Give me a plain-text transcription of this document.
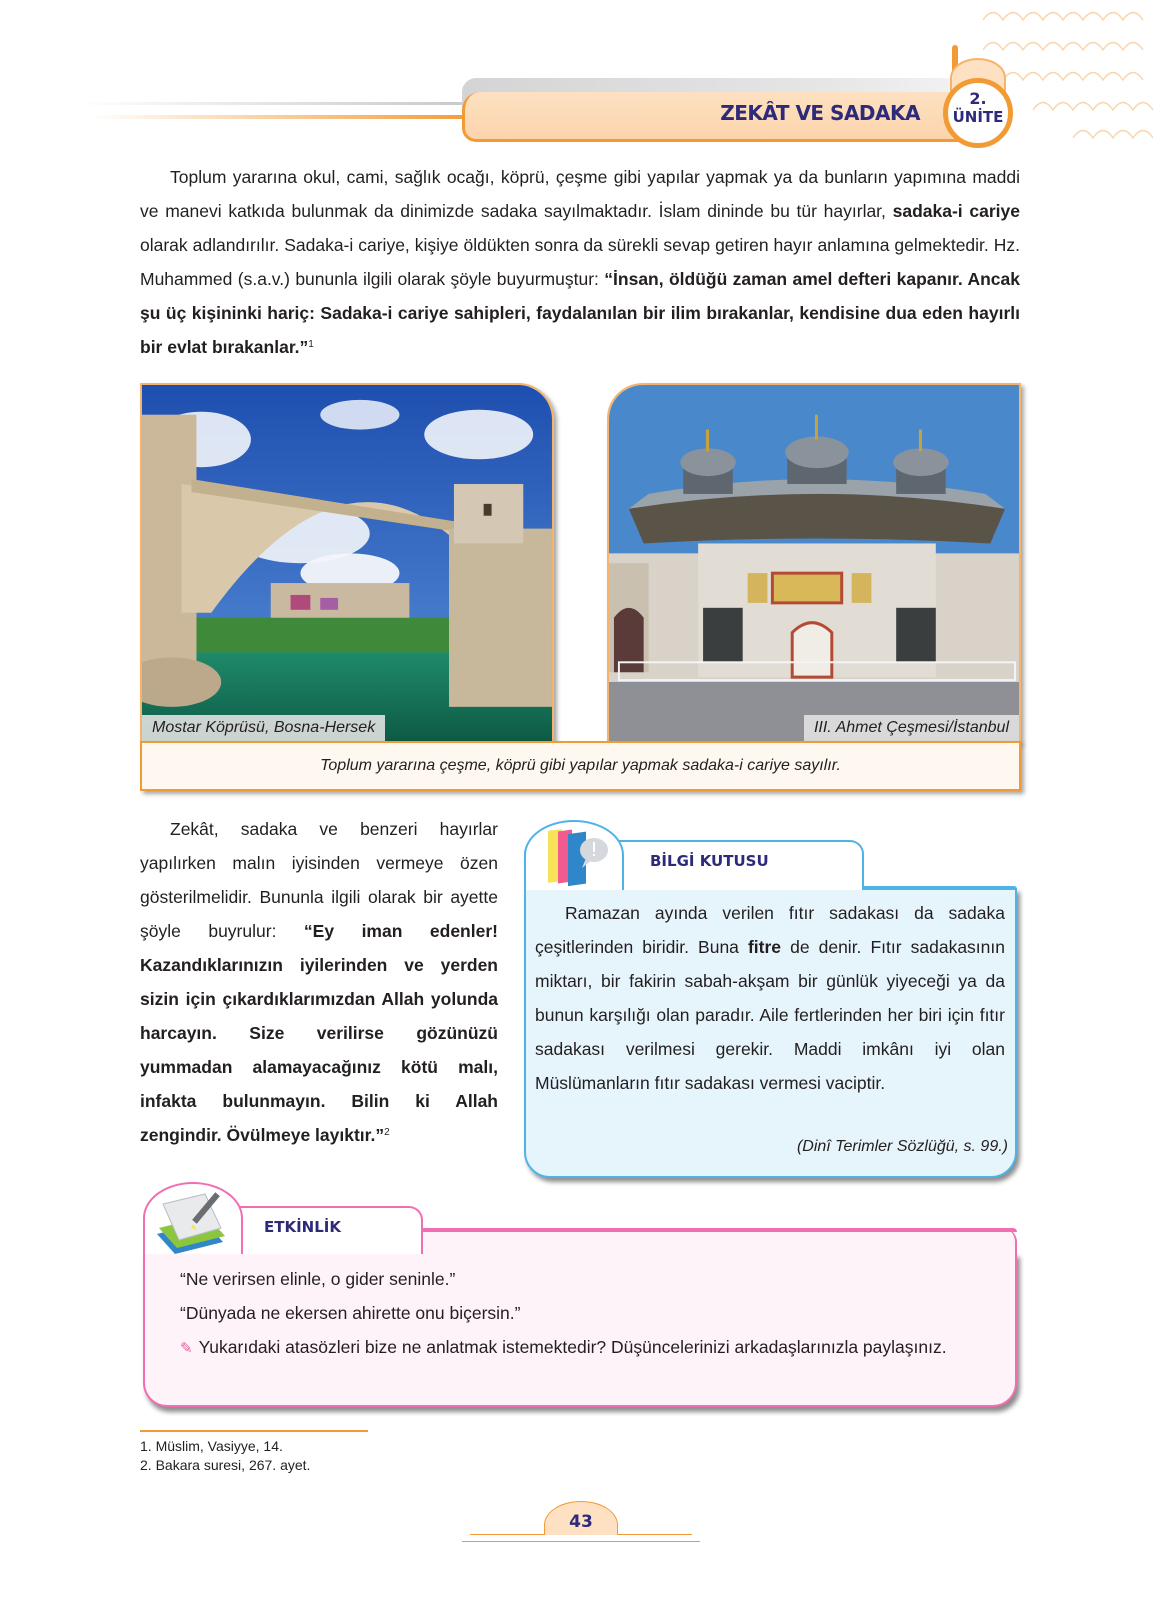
ZEKÂT VE SADAKA
2.
ÜNİTE

Toplum yararına okul, cami, sağlık ocağı, köprü, çeşme gibi yapılar yapmak ya da bunların yapımına maddi ve manevi katkıda bulunmak da dinimizde sadaka sayılmaktadır. İslam dininde bu tür hayırlar, sadaka-i cariye olarak adlandırılır. Sadaka-i cariye, kişiye öldükten sonra da sürekli sevap getiren hayır anlamına gelmektedir. Hz. Muhammed (s.a.v.) bununla ilgili olarak şöyle buyurmuştur: “İnsan, öldüğü zaman amel defteri kapanır. Ancak şu üç kişininki hariç: Sadaka-i cariye sahipleri, faydalanılan bir ilim bırakanlar, kendisine dua eden hayırlı bir evlat bırakanlar.”$^1$

Mostar Köprüsü, Bosna-Hersek	III. Ahmet Çeşmesi/İstanbul
Toplum yararına çeşme, köprü gibi yapılar yapmak sadaka-i cariye sayılır.

Zekât, sadaka ve benzeri hayırlar yapılırken malın iyisinden vermeye özen gösterilmelidir. Bununla ilgili olarak bir ayette şöyle buyrulur: “Ey iman edenler! Kazandıklarınızın iyilerinden ve yerden sizin için çıkardıklarımızdan Allah yolunda harcayın. Size verilirse gözünüzü yummadan alamayacağınız kötü malı, infakta bulunmayın. Bilin ki Allah zengindir. Övülmeye layıktır.”$^2$

BİLGİ KUTUSU

Ramazan ayında verilen fıtır sadakası da sadaka çeşitlerinden biridir. Buna fitre de denir. Fıtır sadakasının miktarı, bir fakirin sabah-akşam bir günlük yiyeceği ya da bunun karşılığı olan paradır. Aile fertlerinden her biri için fıtır sadakası verilmesi gerekir. Maddi imkânı iyi olan Müslümanların fıtır sadakası vermesi vaciptir.

(Dinî Terimler Sözlüğü, s. 99.)
ETKİNLİK
“Ne verirsen elinle, o gider seninle.”
“Dünyada ne ekersen ahirette onu biçersin.”
✎ Yukarıdaki atasözleri bize ne anlatmak istemektedir? Düşüncelerinizi arkadaşlarınızla paylaşınız.
1. Müslim, Vasiyye, 14.
2. Bakara suresi, 267. ayet.
43
